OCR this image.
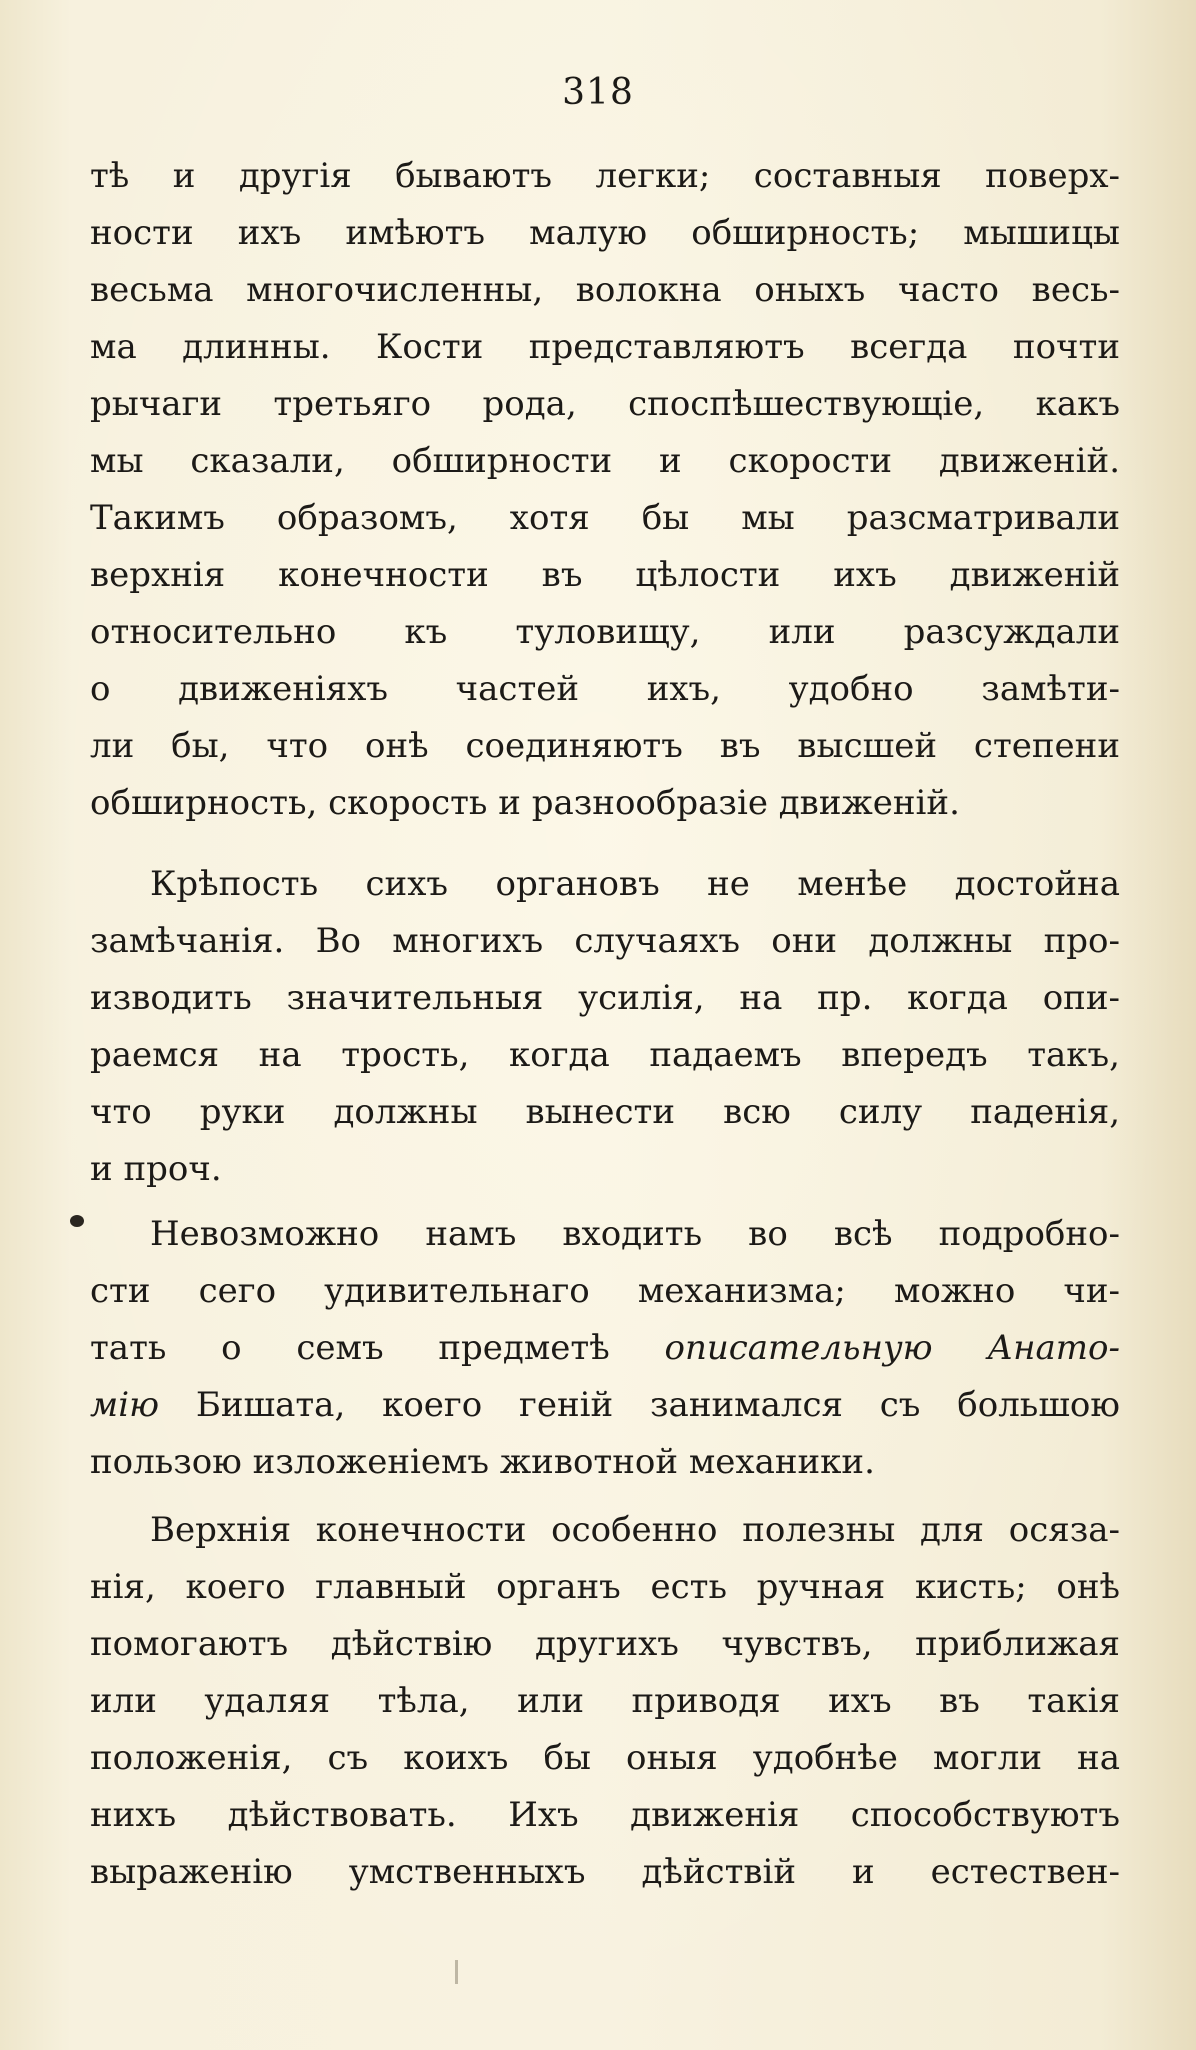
318
тѣ и другія бываютъ легки; составныя поверх-
ности ихъ имѣютъ малую обширность; мышицы
весьма многочисленны, волокна оныхъ часто весь-
ма длинны. Кости представляютъ всегда почти
рычаги третьяго рода, споспѣшествующіе, какъ
мы сказали, обширности и скорости движеній.
Такимъ образомъ, хотя бы мы разсматривали
верхнія конечности въ цѣлости ихъ движеній
относительно къ туловищу, или разсуждали
о движеніяхъ частей ихъ, удобно замѣти-
ли бы, что онѣ соединяютъ въ высшей степени
обширность, скорость и разнообразіе движеній.
Крѣпость сихъ органовъ не менѣе достойна
замѣчанія. Во многихъ случаяхъ они должны про-
изводить значительныя усилія, на пр. когда опи-
раемся на трость, когда падаемъ впередъ такъ,
что руки должны вынести всю силу паденія,
и проч.
Невозможно намъ входить во всѣ подробно-
сти сего удивительнаго механизма; можно чи-
тать о семъ предметѣ описательную Анато-
мію Бишата, коего геній занимался съ большою
пользою изложеніемъ животной механики.
Верхнія конечности особенно полезны для осяза-
нія, коего главный органъ есть ручная кисть; онѣ
помогаютъ дѣйствію другихъ чувствъ, приближая
или удаляя тѣла, или приводя ихъ въ такія
положенія, съ коихъ бы оныя удобнѣе могли на
нихъ дѣйствовать. Ихъ движенія способствуютъ
выраженію умственныхъ дѣйствій и естествен-
